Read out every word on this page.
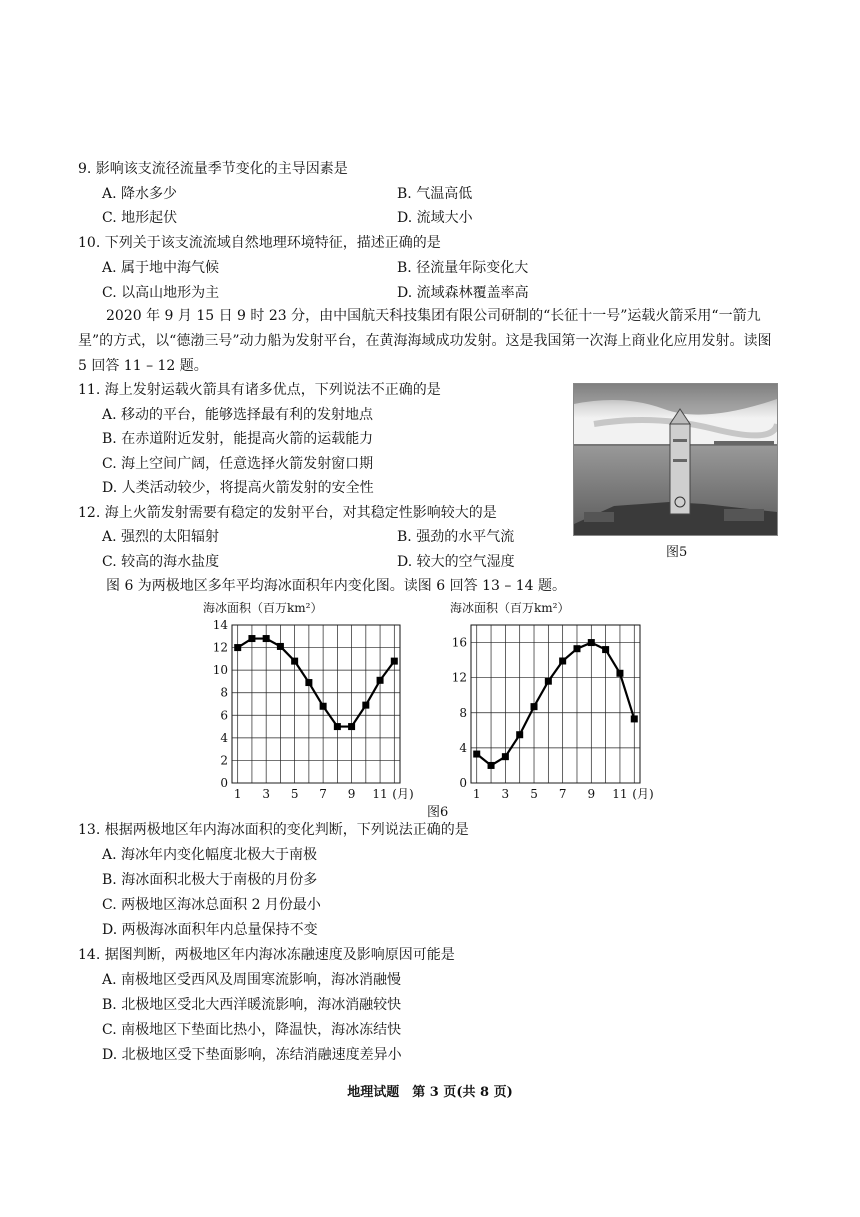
9. 影响该支流径流量季节变化的主导因素是
A. 降水多少	B. 气温高低
C. 地形起伏	D. 流域大小
10. 下列关于该支流流域自然地理环境特征，描述正确的是
A. 属于地中海气候	B. 径流量年际变化大
C. 以高山地形为主	D. 流域森林覆盖率高
2020 年 9 月 15 日 9 时 23 分，由中国航天科技集团有限公司研制的“长征十一号”运载火箭采用“一箭九星”的方式，以“德渤三号”动力船为发射平台，在黄海海域成功发射。这是我国第一次海上商业化应用发射。读图 5 回答 11 – 12 题。
11. 海上发射运载火箭具有诸多优点，下列说法不正确的是
A. 移动的平台，能够选择最有利的发射地点
B. 在赤道附近发射，能提高火箭的运载能力
C. 海上空间广阔，任意选择火箭发射窗口期
D. 人类活动较少，将提高火箭发射的安全性
图5
12. 海上火箭发射需要有稳定的发射平台，对其稳定性影响较大的是
A. 强烈的太阳辐射	B. 强劲的水平气流
C. 较高的海水盐度	D. 较大的空气湿度
图 6 为两极地区多年平均海冰面积年内变化图。读图 6 回答 13 – 14 题。
海冰面积（百万km²）
0
2
4
6
8
10
12
14
1 3 5 7 9 11 (月)
海冰面积（百万km²）
0
4
8
12
16
1 3 5 7 9 11 (月)
图6
13. 根据两极地区年内海冰面积的变化判断，下列说法正确的是
A. 海冰年内变化幅度北极大于南极
B. 海冰面积北极大于南极的月份多
C. 两极地区海冰总面积 2 月份最小
D. 两极海冰面积年内总量保持不变
14. 据图判断，两极地区年内海冰冻融速度及影响原因可能是
A. 南极地区受西风及周围寒流影响，海冰消融慢
B. 北极地区受北大西洋暖流影响，海冰消融较快
C. 南极地区下垫面比热小，降温快，海冰冻结快
D. 北极地区受下垫面影响，冻结消融速度差异小
地理试题　第 3 页(共 8 页)
